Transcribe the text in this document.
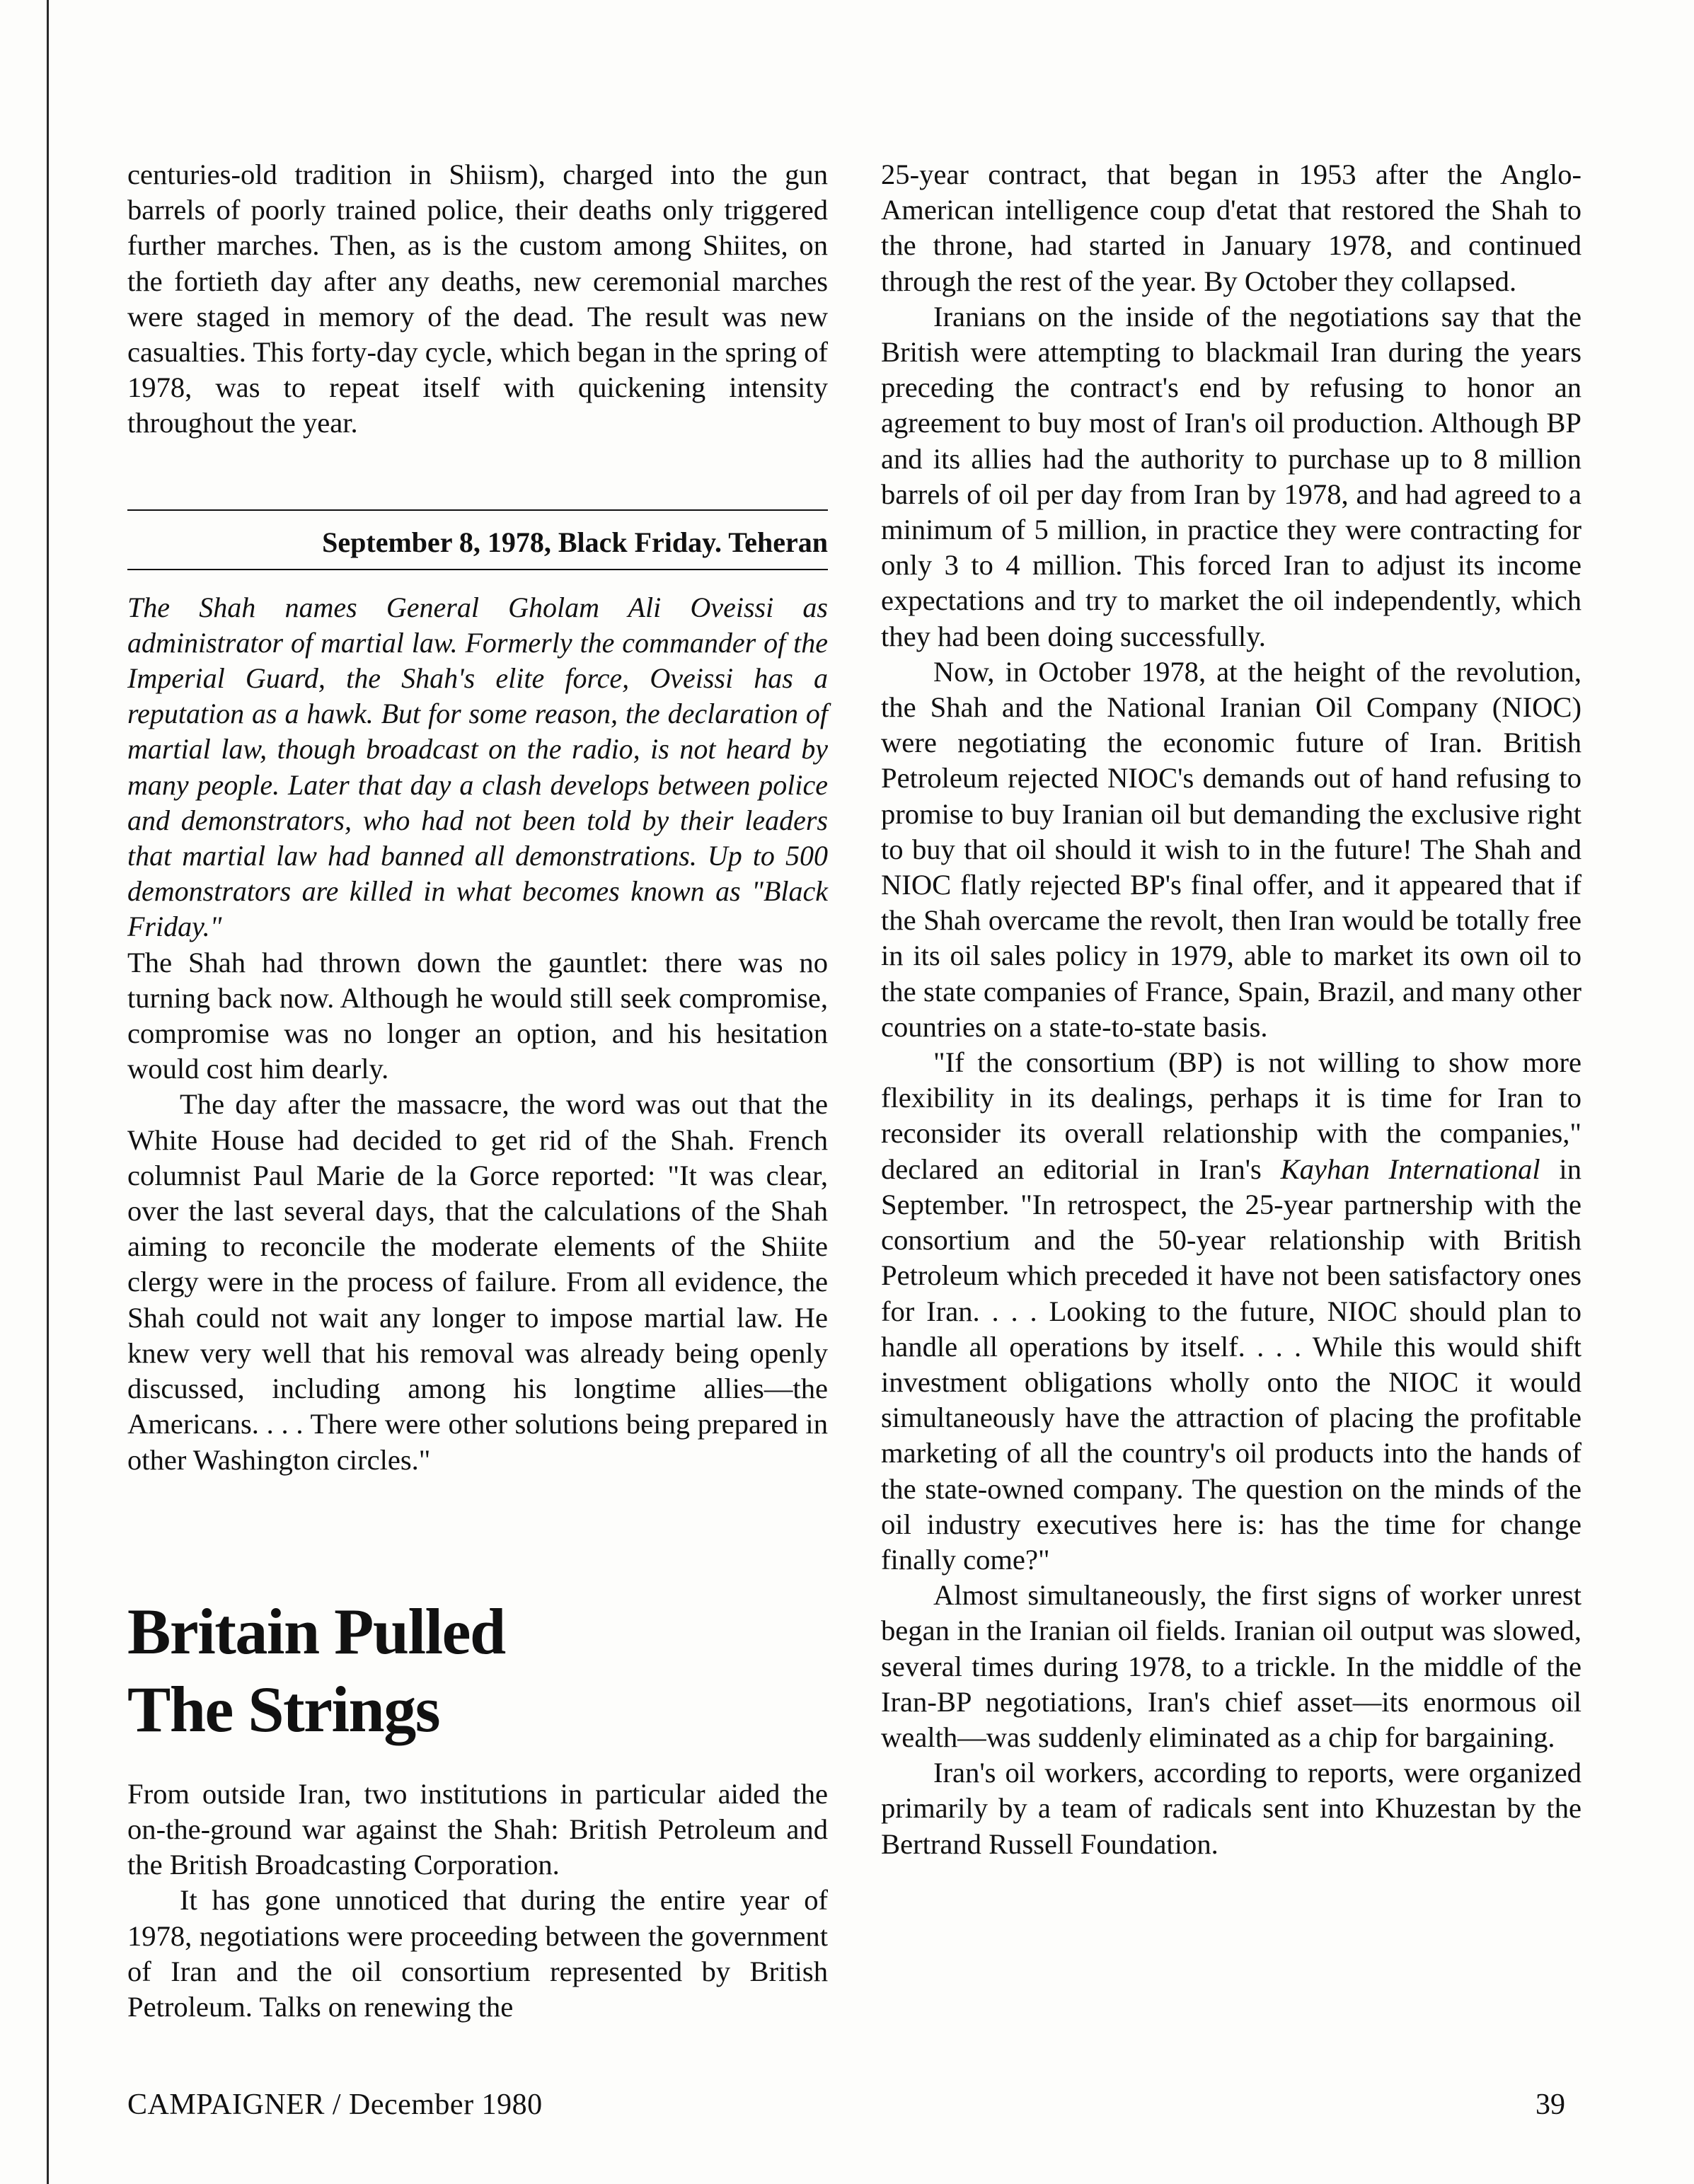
centuries-old tradition in Shiism), charged into the gun barrels of poorly trained police, their deaths only triggered further marches. Then, as is the custom among Shiites, on the fortieth day after any deaths, new ceremonial marches were staged in memory of the dead. The result was new casualties. This forty-day cycle, which began in the spring of 1978, was to repeat itself with quickening intensity throughout the year.

September 8, 1978, Black Friday. Teheran
The Shah names General Gholam Ali Oveissi as administrator of martial law. Formerly the commander of the Imperial Guard, the Shah's elite force, Oveissi has a reputation as a hawk. But for some reason, the declaration of martial law, though broadcast on the radio, is not heard by many people. Later that day a clash develops between police and demonstrators, who had not been told by their leaders that martial law had banned all demonstrations. Up to 500 demonstrators are killed in what becomes known as "Black Friday."

The Shah had thrown down the gauntlet: there was no turning back now. Although he would still seek compromise, compromise was no longer an option, and his hesitation would cost him dearly.

The day after the massacre, the word was out that the White House had decided to get rid of the Shah. French columnist Paul Marie de la Gorce reported: "It was clear, over the last several days, that the calculations of the Shah aiming to reconcile the moderate elements of the Shiite clergy were in the process of failure. From all evidence, the Shah could not wait any longer to impose martial law. He knew very well that his removal was already being openly discussed, including among his longtime allies—the Americans. . . . There were other solutions being prepared in other Washington circles."

Britain Pulled
The Strings

From outside Iran, two institutions in particular aided the on-the-ground war against the Shah: British Petroleum and the British Broadcasting Corporation.

It has gone unnoticed that during the entire year of 1978, negotiations were proceeding between the government of Iran and the oil consortium represented by British Petroleum. Talks on renewing the

25-year contract, that began in 1953 after the Anglo-American intelligence coup d'etat that restored the Shah to the throne, had started in January 1978, and continued through the rest of the year. By October they collapsed.

Iranians on the inside of the negotiations say that the British were attempting to blackmail Iran during the years preceding the contract's end by refusing to honor an agreement to buy most of Iran's oil production. Although BP and its allies had the authority to purchase up to 8 million barrels of oil per day from Iran by 1978, and had agreed to a minimum of 5 million, in practice they were contracting for only 3 to 4 million. This forced Iran to adjust its income expectations and try to market the oil independently, which they had been doing successfully.

Now, in October 1978, at the height of the revolution, the Shah and the National Iranian Oil Company (NIOC) were negotiating the economic future of Iran. British Petroleum rejected NIOC's demands out of hand refusing to promise to buy Iranian oil but demanding the exclusive right to buy that oil should it wish to in the future! The Shah and NIOC flatly rejected BP's final offer, and it appeared that if the Shah overcame the revolt, then Iran would be totally free in its oil sales policy in 1979, able to market its own oil to the state companies of France, Spain, Brazil, and many other countries on a state-to-state basis.

"If the consortium (BP) is not willing to show more flexibility in its dealings, perhaps it is time for Iran to reconsider its overall relationship with the companies," declared an editorial in Iran's Kayhan International in September. "In retrospect, the 25-year partnership with the consortium and the 50-year relationship with British Petroleum which preceded it have not been satisfactory ones for Iran. . . . Looking to the future, NIOC should plan to handle all operations by itself. . . . While this would shift investment obligations wholly onto the NIOC it would simultaneously have the attraction of placing the profitable marketing of all the country's oil products into the hands of the state-owned company. The question on the minds of the oil industry executives here is: has the time for change finally come?"

Almost simultaneously, the first signs of worker unrest began in the Iranian oil fields. Iranian oil output was slowed, several times during 1978, to a trickle. In the middle of the Iran-BP negotiations, Iran's chief asset—its enormous oil wealth—was suddenly eliminated as a chip for bargaining.

Iran's oil workers, according to reports, were organized primarily by a team of radicals sent into Khuzestan by the Bertrand Russell Foundation.

CAMPAIGNER / December 1980	39
